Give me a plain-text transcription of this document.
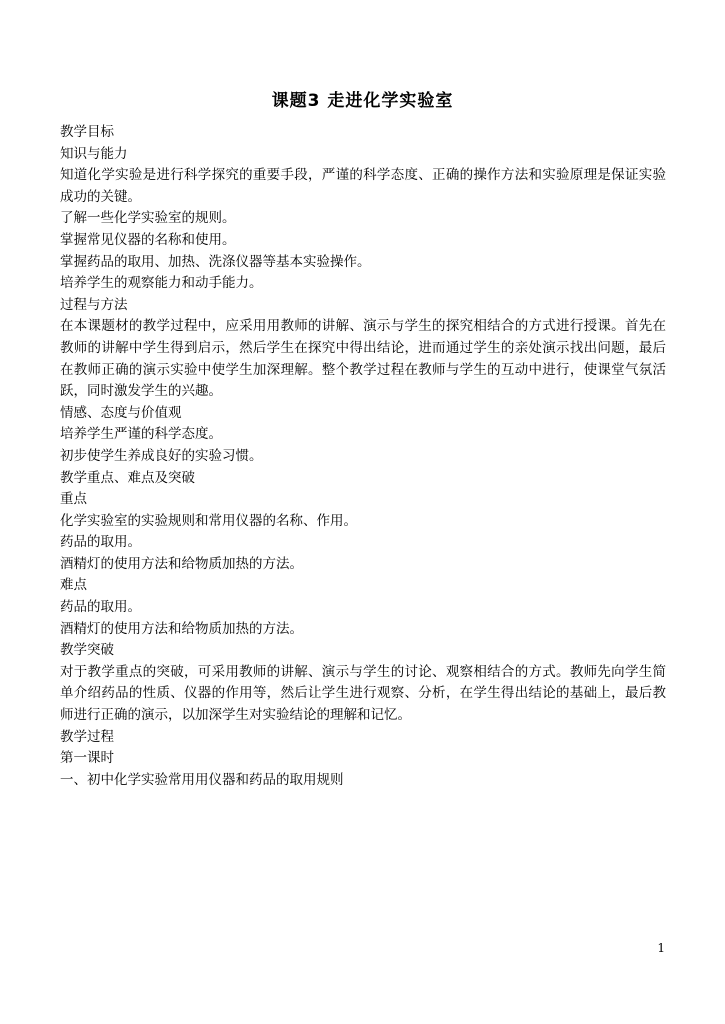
课题3 走进化学实验室

教学目标

知识与能力

知道化学实验是进行科学探究的重要手段，严谨的科学态度、正确的操作方法和实验原理是保证实验成功的关键。

了解一些化学实验室的规则。

掌握常见仪器的名称和使用。

掌握药品的取用、加热、洗涤仪器等基本实验操作。

培养学生的观察能力和动手能力。

过程与方法

在本课题材的教学过程中，应采用用教师的讲解、演示与学生的探究相结合的方式进行授课。首先在教师的讲解中学生得到启示，然后学生在探究中得出结论，进而通过学生的亲处演示找出问题，最后在教师正确的演示实验中使学生加深理解。整个教学过程在教师与学生的互动中进行，使课堂气氛活跃，同时激发学生的兴趣。

情感、态度与价值观

培养学生严谨的科学态度。

初步使学生养成良好的实验习惯。

教学重点、难点及突破

重点

化学实验室的实验规则和常用仪器的名称、作用。

药品的取用。

酒精灯的使用方法和给物质加热的方法。

难点

药品的取用。

酒精灯的使用方法和给物质加热的方法。

教学突破

对于教学重点的突破，可采用教师的讲解、演示与学生的讨论、观察相结合的方式。教师先向学生简单介绍药品的性质、仪器的作用等，然后让学生进行观察、分析，在学生得出结论的基础上，最后教师进行正确的演示，以加深学生对实验结论的理解和记忆。

教学过程

第一课时

一、初中化学实验常用用仪器和药品的取用规则

1
